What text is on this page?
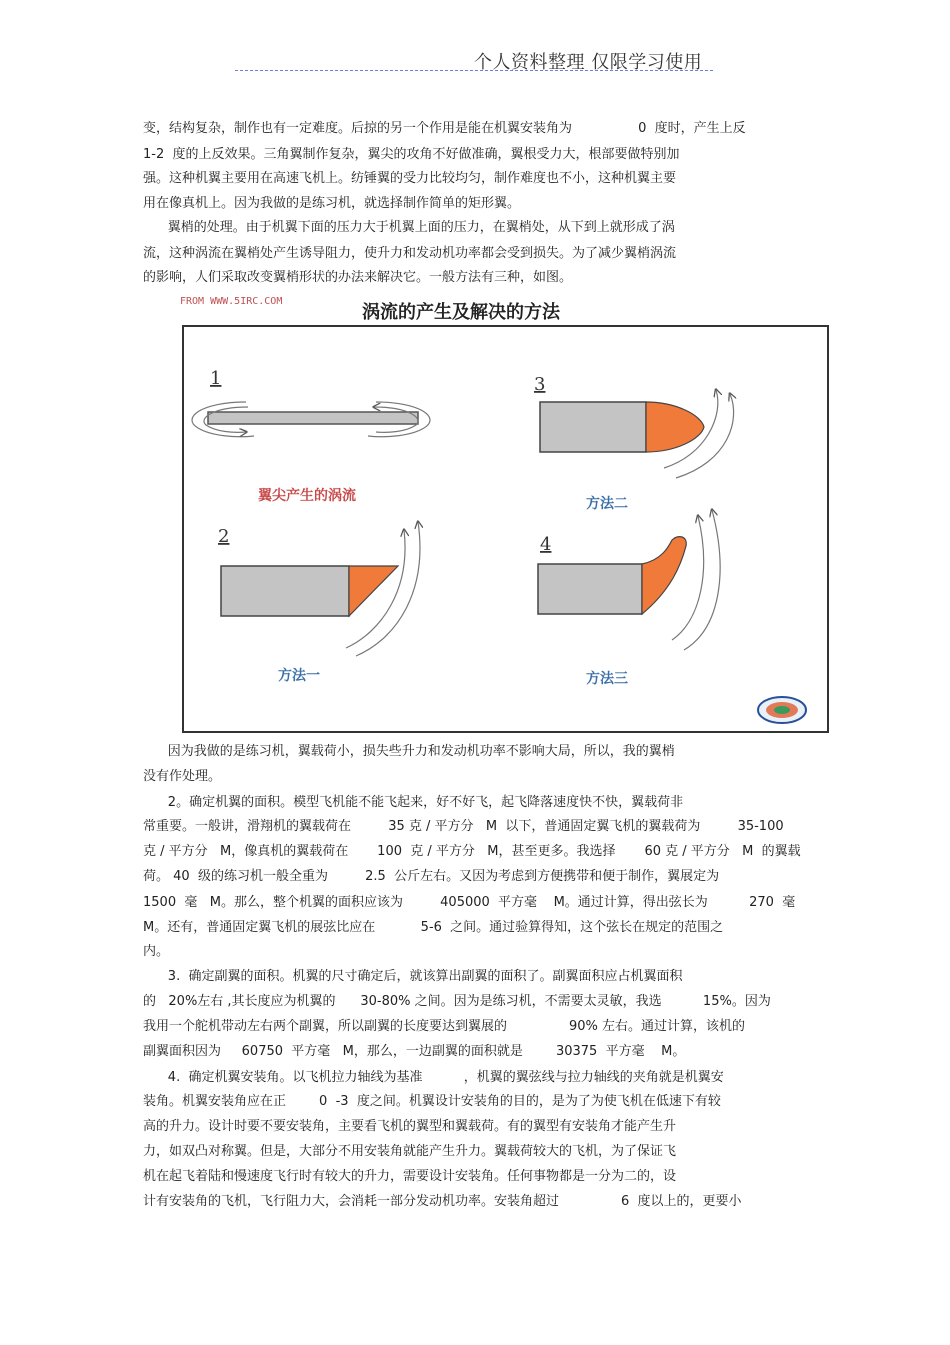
个人资料整理 仅限学习使用
变，结构复杂，制作也有一定难度。后掠的另一个作用是能在机翼安装角为                0  度时，产生上反
1-2  度的上反效果。三角翼制作复杂，翼尖的攻角不好做准确，翼根受力大，根部要做特别加
强。这种机翼主要用在高速飞机上。纺锤翼的受力比较均匀，制作难度也不小，这种机翼主要
用在像真机上。因为我做的是练习机，就选择制作简单的矩形翼。
翼梢的处理。由于机翼下面的压力大于机翼上面的压力，在翼梢处，从下到上就形成了涡
流，这种涡流在翼梢处产生诱导阻力，使升力和发动机功率都会受到损失。为了减少翼梢涡流
的影响，人们采取改变翼梢形状的办法来解决它。一般方法有三种，如图。
FROM WWW.5IRC.COM
涡流的产生及解决的方法
1
翼尖产生的涡流
2
方法一
3
方法二
4
方法三
因为我做的是练习机，翼载荷小，损失些升力和发动机功率不影响大局，所以，我的翼梢
没有作处理。
2。确定机翼的面积。模型飞机能不能飞起来，好不好飞，起飞降落速度快不快，翼载荷非
常重要。一般讲，滑翔机的翼载荷在         35 克 / 平方分   M  以下，普通固定翼飞机的翼载荷为         35-100
克 / 平方分   M，像真机的翼载荷在       100  克 / 平方分   M，甚至更多。我选择       60 克 / 平方分   M  的翼载
荷。 40  级的练习机一般全重为         2.5  公斤左右。又因为考虑到方便携带和便于制作，翼展定为
1500  毫   M。那么，整个机翼的面积应该为         405000  平方毫    M。通过计算，得出弦长为          270  毫
M。还有，普通固定翼飞机的展弦比应在           5-6  之间。通过验算得知，这个弦长在规定的范围之
内。
3.  确定副翼的面积。机翼的尺寸确定后，就该算出副翼的面积了。副翼面积应占机翼面积
的   20%左右 ,其长度应为机翼的      30-80% 之间。因为是练习机，不需要太灵敏，我选          15%。因为
我用一个舵机带动左右两个副翼，所以副翼的长度要达到翼展的               90% 左右。通过计算，该机的
副翼面积因为     60750  平方毫   M，那么，一边副翼的面积就是        30375  平方毫    M。
4.  确定机翼安装角。以飞机拉力轴线为基准          ，机翼的翼弦线与拉力轴线的夹角就是机翼安
装角。机翼安装角应在正        0  -3  度之间。机翼设计安装角的目的，是为了为使飞机在低速下有较
高的升力。设计时要不要安装角，主要看飞机的翼型和翼载荷。有的翼型有安装角才能产生升
力，如双凸对称翼。但是，大部分不用安装角就能产生升力。翼载荷较大的飞机，为了保证飞
机在起飞着陆和慢速度飞行时有较大的升力，需要设计安装角。任何事物都是一分为二的，设
计有安装角的飞机，飞行阻力大，会消耗一部分发动机功率。安装角超过               6  度以上的，更要小
